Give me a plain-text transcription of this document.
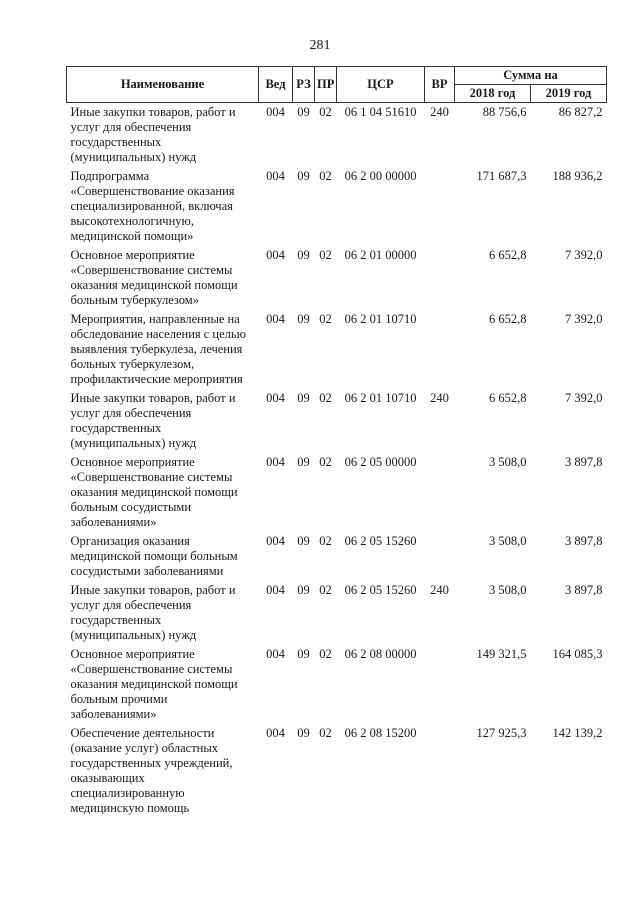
281
Наименование	Вед	РЗ	ПР	ЦСР	ВР	Сумма на	
						2018 год	2019 год
Иные закупки товаров, работ и услуг для обеспечения государственных (муниципальных) нужд	004	09	02	06 1 04 51610	240	88 756,6	86 827,2
Подпрограмма «Совершенствование оказания специализированной, включая высокотехнологичную, медицинской помощи»	004	09	02	06 2 00 00000		171 687,3	188 936,2
Основное мероприятие «Совершенствование системы оказания медицинской помощи больным туберкулезом»	004	09	02	06 2 01 00000		6 652,8	7 392,0
Мероприятия, направленные на обследование населения с целью выявления туберкулеза, лечения больных туберкулезом, профилактические мероприятия	004	09	02	06 2 01 10710		6 652,8	7 392,0
Иные закупки товаров, работ и услуг для обеспечения государственных (муниципальных) нужд	004	09	02	06 2 01 10710	240	6 652,8	7 392,0
Основное мероприятие «Совершенствование системы оказания медицинской помощи больным сосудистыми заболеваниями»	004	09	02	06 2 05 00000		3 508,0	3 897,8
Организация оказания медицинской помощи больным сосудистыми заболеваниями	004	09	02	06 2 05 15260		3 508,0	3 897,8
Иные закупки товаров, работ и услуг для обеспечения государственных (муниципальных) нужд	004	09	02	06 2 05 15260	240	3 508,0	3 897,8
Основное мероприятие «Совершенствование системы оказания медицинской помощи больным прочими заболеваниями»	004	09	02	06 2 08 00000		149 321,5	164 085,3
Обеспечение деятельности (оказание услуг) областных государственных учреждений, оказывающих специализированную медицинскую помощь	004	09	02	06 2 08 15200		127 925,3	142 139,2
